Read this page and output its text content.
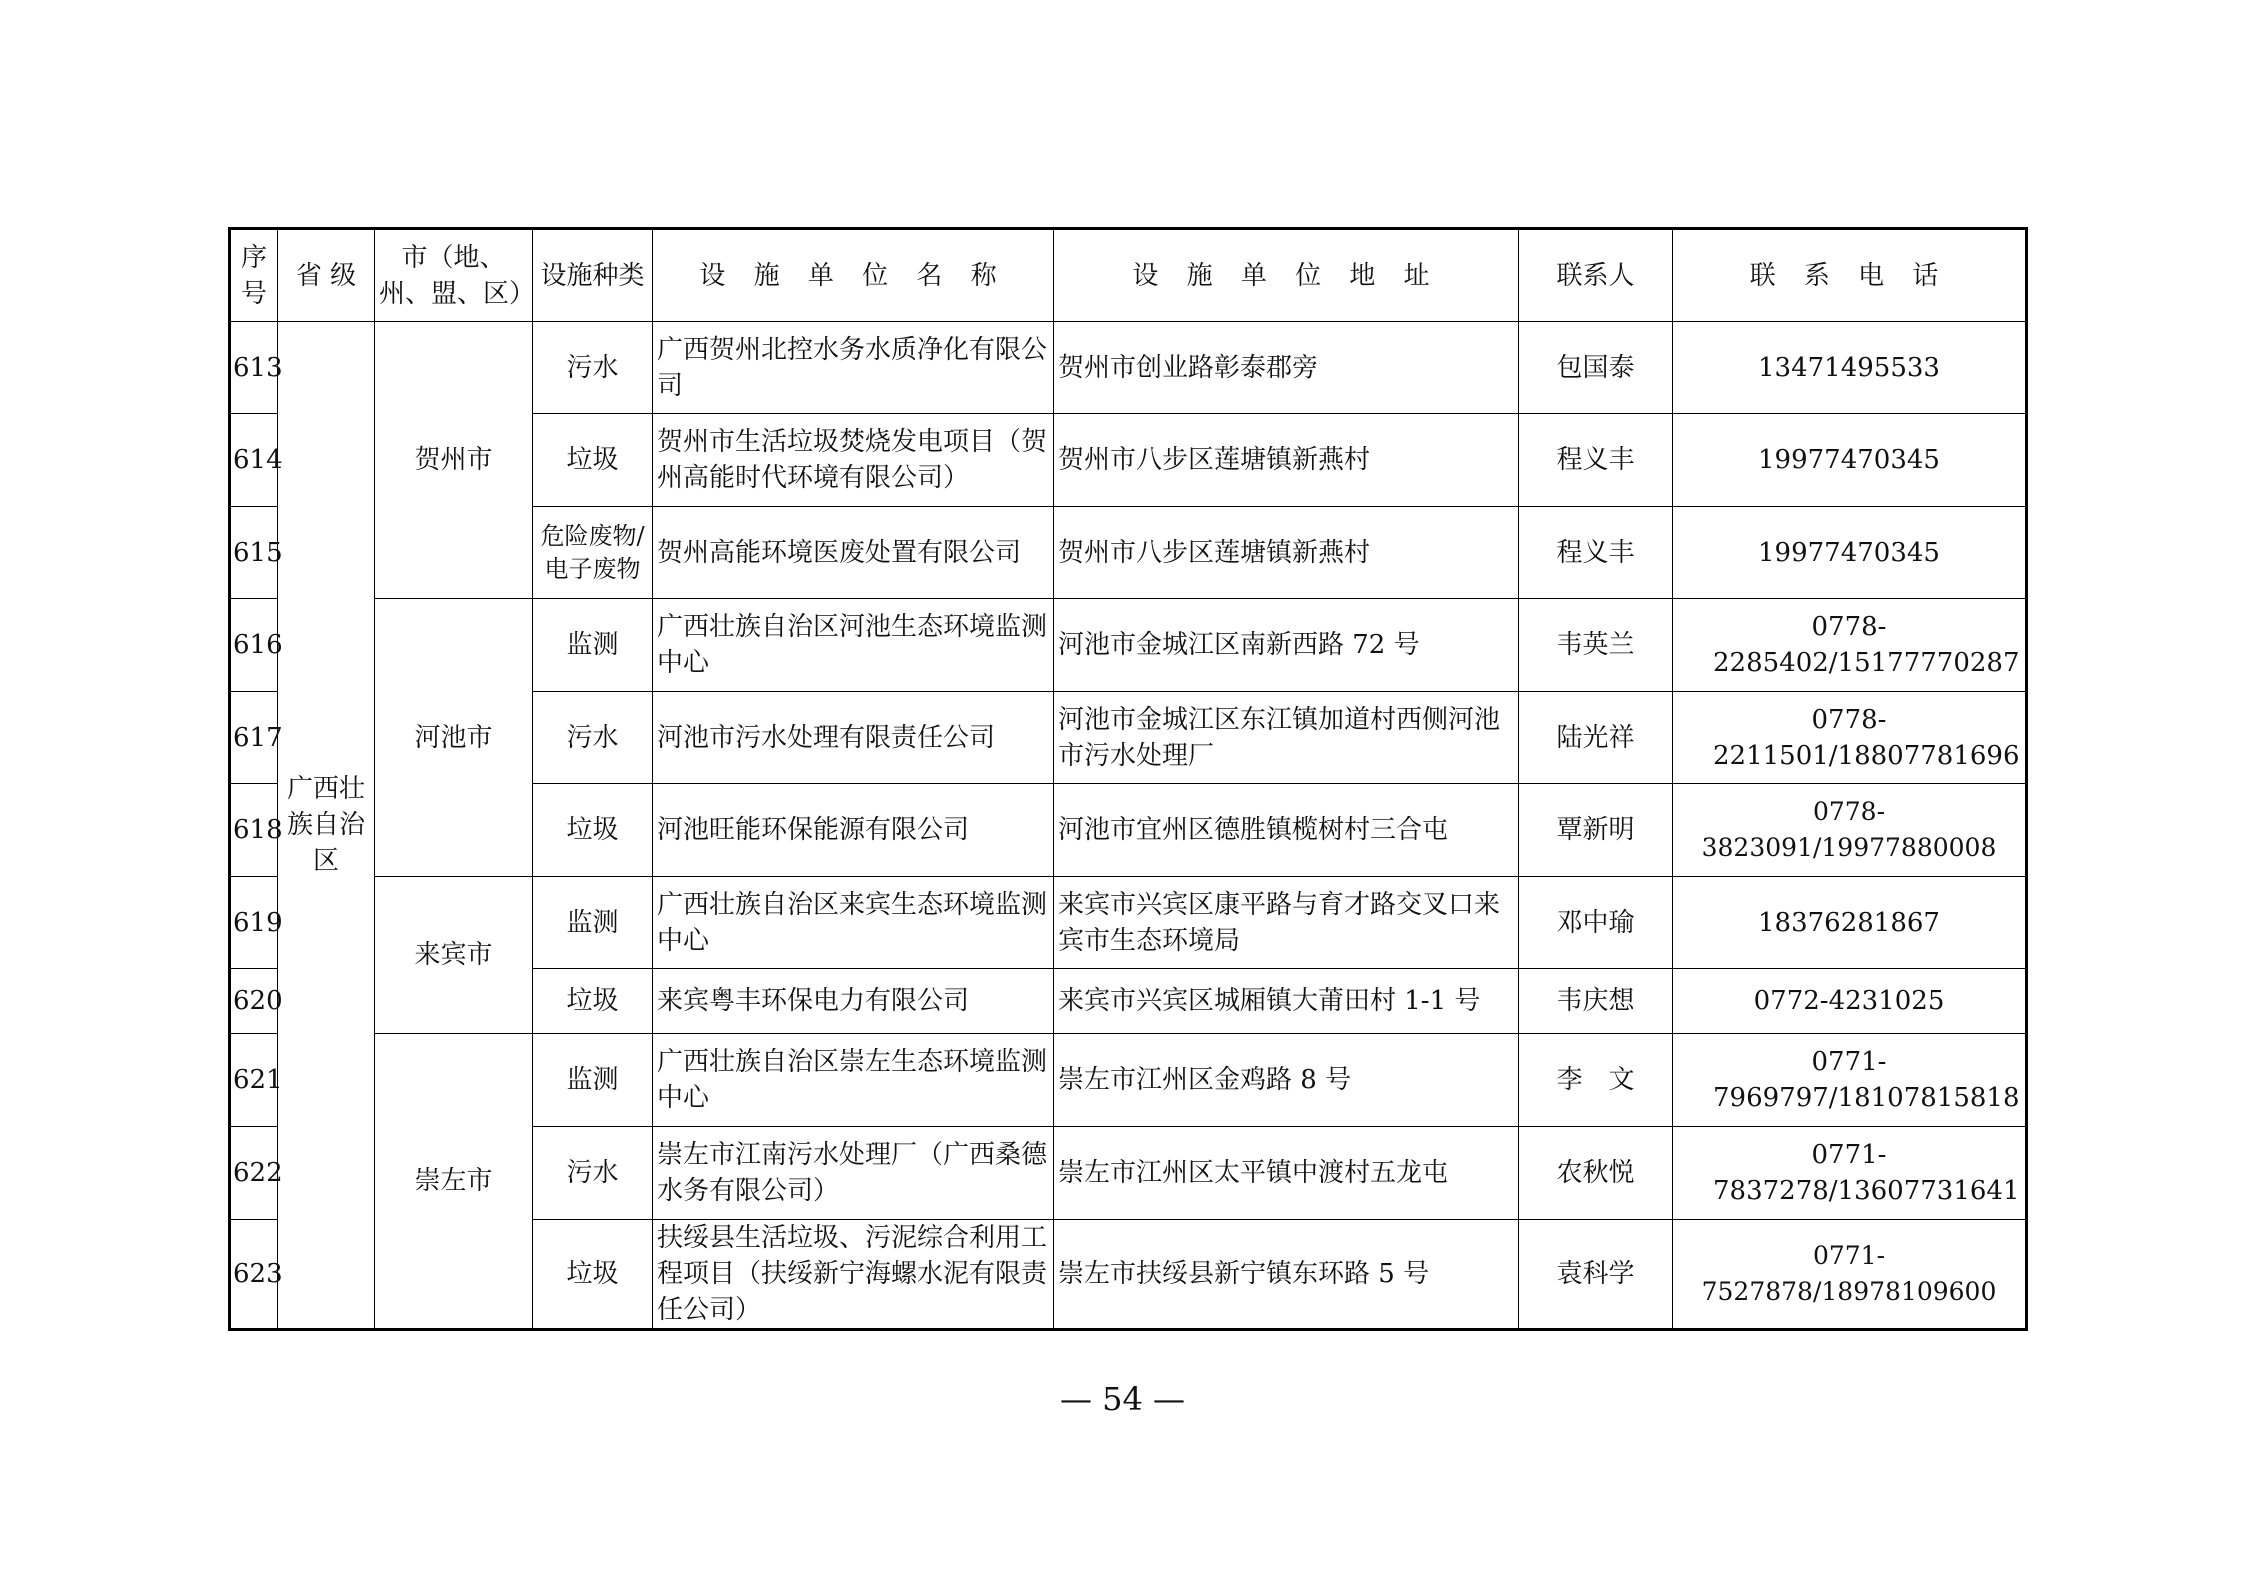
序号	省 级	市（地、州、盟、区）	设施种类	设 施 单 位 名 称	设 施 单 位 地 址	联系人	联 系 电 话
613	广西壮族自治区	贺州市	污水	广西贺州北控水务水质净化有限公司	贺州市创业路彰泰郡旁	包国泰	13471495533
614			垃圾	贺州市生活垃圾焚烧发电项目（贺州高能时代环境有限公司）	贺州市八步区莲塘镇新燕村	程义丰	19977470345
615			危险废物/电子废物	贺州高能环境医废处置有限公司	贺州市八步区莲塘镇新燕村	程义丰	19977470345
616		河池市	监测	广西壮族自治区河池生态环境监测中心	河池市金城江区南新西路 72 号	韦英兰	0778-2285402/15177770287
617			污水	河池市污水处理有限责任公司	河池市金城江区东江镇加道村西侧河池市污水处理厂	陆光祥	0778-2211501/18807781696
618			垃圾	河池旺能环保能源有限公司	河池市宜州区德胜镇榄树村三合屯	覃新明	0778-3823091/19977880008
619		来宾市	监测	广西壮族自治区来宾生态环境监测中心	来宾市兴宾区康平路与育才路交叉口来宾市生态环境局	邓中瑜	18376281867
620			垃圾	来宾粤丰环保电力有限公司	来宾市兴宾区城厢镇大莆田村 1-1 号	韦庆想	0772-4231025
621		崇左市	监测	广西壮族自治区崇左生态环境监测中心	崇左市江州区金鸡路 8 号	李　文	0771-7969797/18107815818
622			污水	崇左市江南污水处理厂（广西桑德水务有限公司）	崇左市江州区太平镇中渡村五龙屯	农秋悦	0771-7837278/13607731641
623			垃圾	扶绥县生活垃圾、污泥综合利用工程项目（扶绥新宁海螺水泥有限责任公司）	崇左市扶绥县新宁镇东环路 5 号	袁科学	0771-7527878/18978109600
— 54 —
